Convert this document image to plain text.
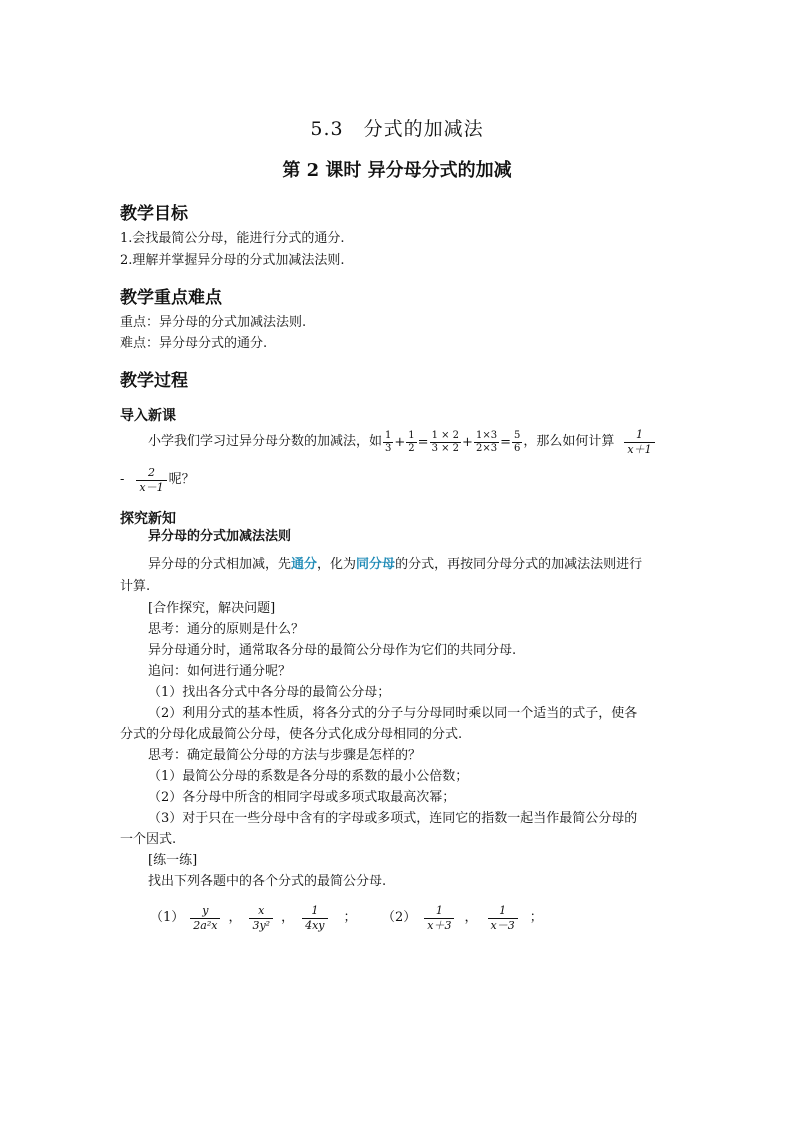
5.3　分式的加减法
第 2 课时 异分母分式的加减
教学目标
1.会找最简公分母，能进行分式的通分.
2.理解并掌握异分母的分式加减法法则.
教学重点难点
重点：异分母的分式加减法法则.
难点：异分母分式的通分.
教学过程
导入新课
小学我们学习过异分母分数的加减法，如 $\frac{1}{3} + \frac{1}{2} = \frac{1 \times 2}{3 \times 2} + \frac{1\times 3}{2\times 3} = \frac{5}{6}$ ，那么如何计算 $\frac{1}{x+1}$
- $\frac{2}{x-1}$ 呢？
探究新知
异分母的分式加减法法则
异分母的分式相加减，先通分，化为同分母的分式，再按同分母分式的加减法法则进行
计算.
[合作探究，解决问题]
思考：通分的原则是什么？
异分母通分时，通常取各分母的最简公分母作为它们的共同分母.
追问：如何进行通分呢？
（1）找出各分式中各分母的最简公分母；
（2）利用分式的基本性质，将各分式的分子与分母同时乘以同一个适当的式子，使各
分式的分母化成最简公分母，使各分式化成分母相同的分式.
思考：确定最简公分母的方法与步骤是怎样的？
（1）最简公分母的系数是各分母的系数的最小公倍数；
（2）各分母中所含的相同字母或多项式取最高次幂；
（3）对于只在一些分母中含有的字母或多项式，连同它的指数一起当作最简公分母的
一个因式.
[练一练]
找出下列各题中的各个分式的最简公分母.
$(1) \frac{y}{\text{2a²x}}$ ， $\frac{x}{\text{3y²}}$ ， $\frac{1}{4xy}$ ； $(2) \frac{1}{x+3}$ ， $\frac{1}{x-3}$ ；
